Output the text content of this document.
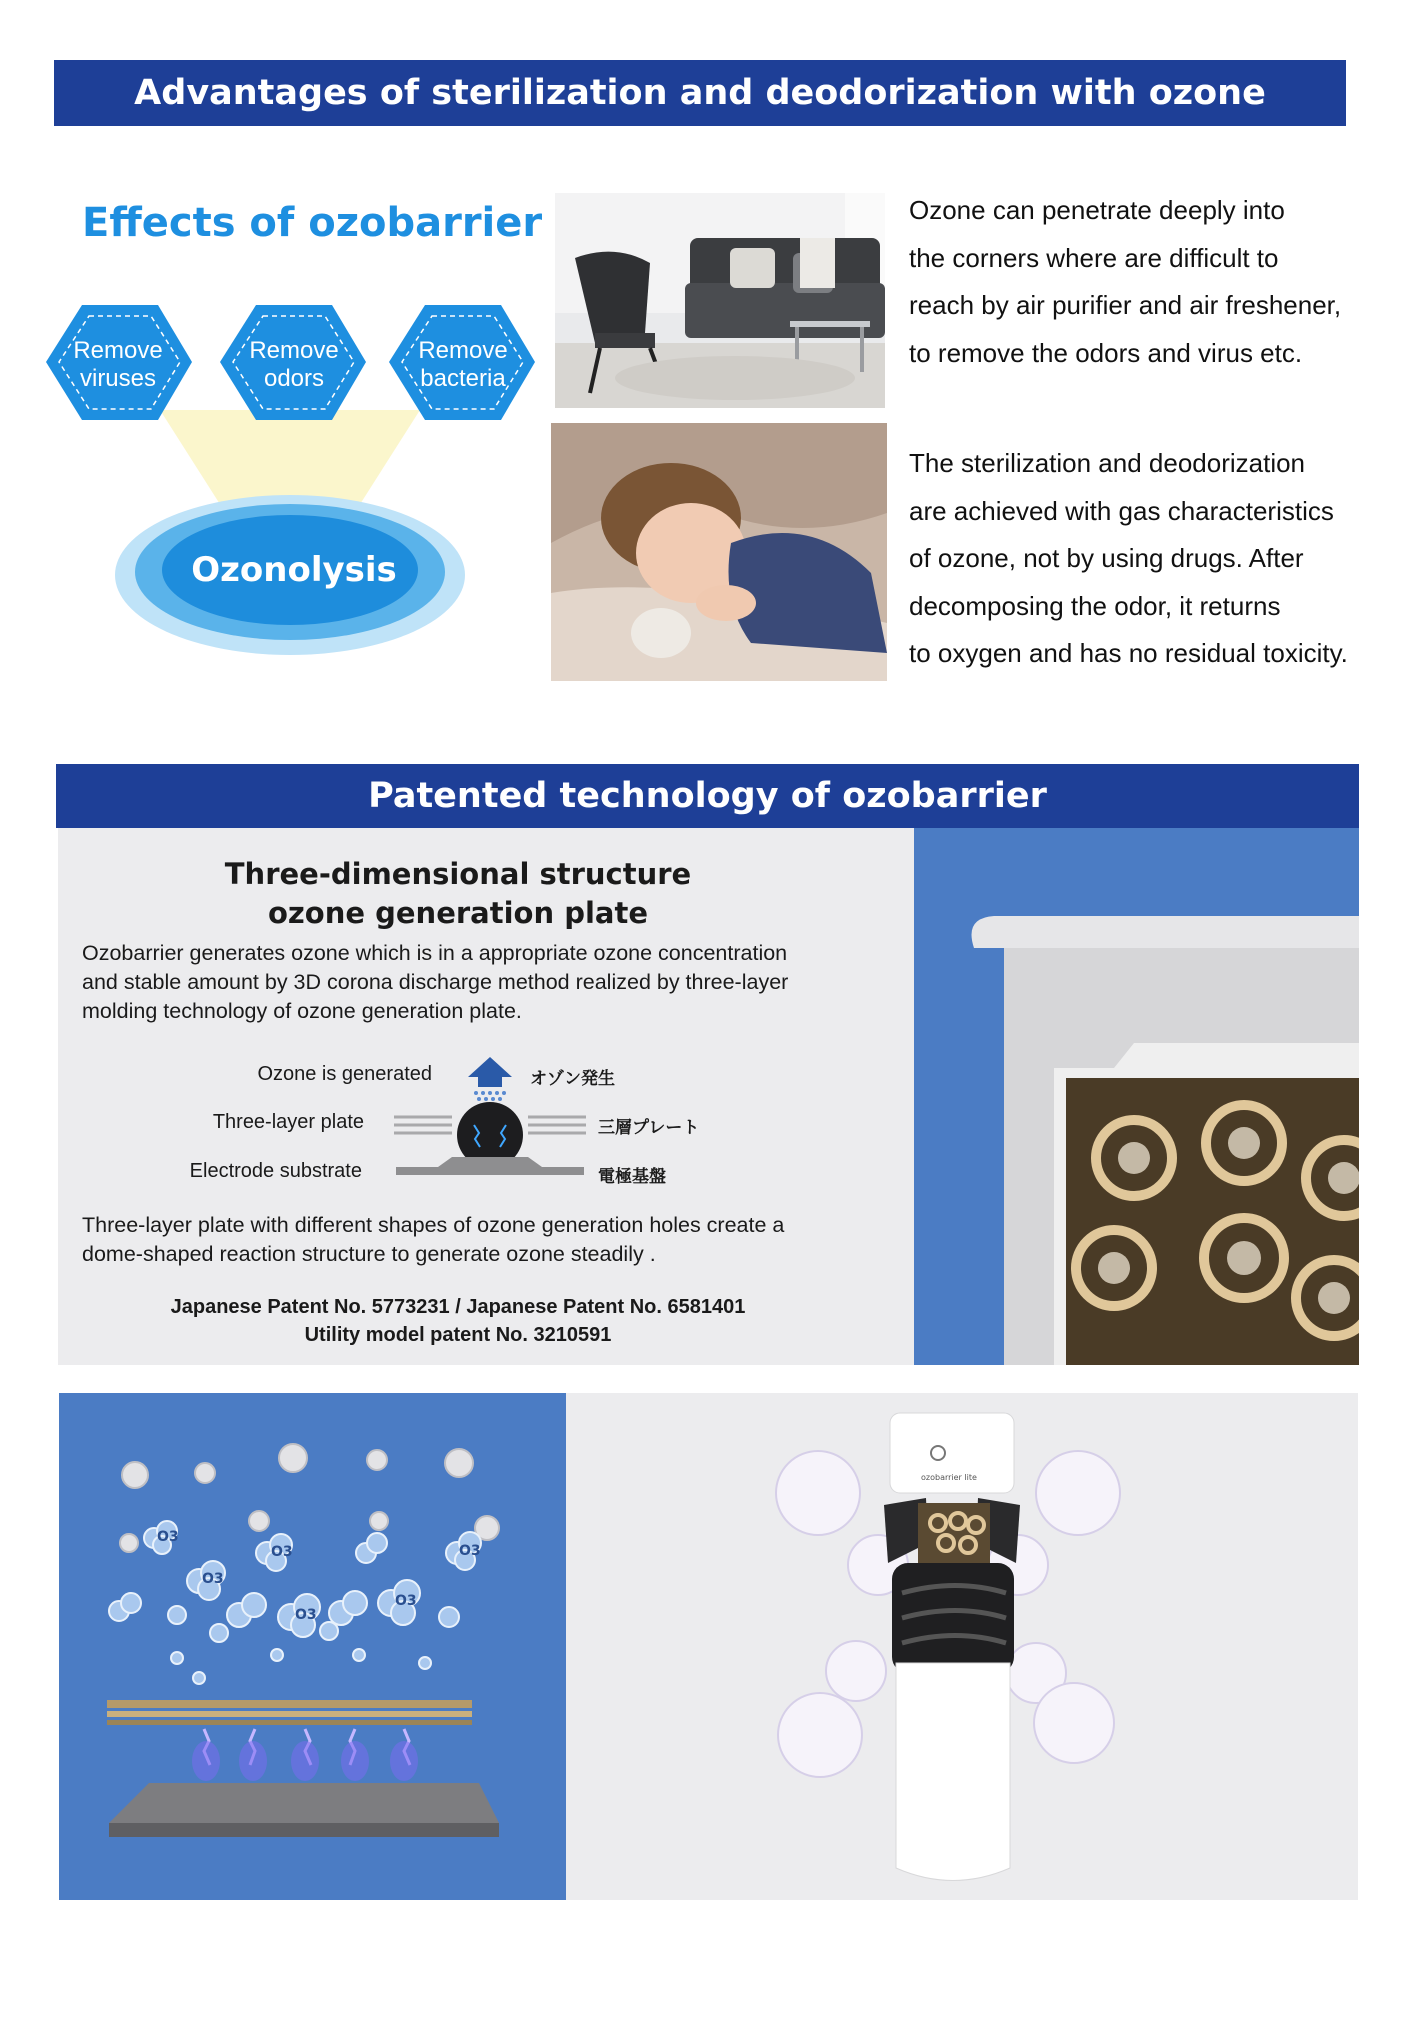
Advantages of sterilization and deodorization with ozone
Effects of ozobarrier
Remove
viruses
Remove
odors
Remove
bacteria
Ozonolysis
Ozone can penetrate deeply into
the corners where are difficult to
reach by air purifier and air freshener,
to remove the odors and virus etc.
The sterilization and deodorization
are achieved with gas characteristics
of ozone, not by using drugs. After
decomposing the odor, it returns
to oxygen and has no residual toxicity.
Patented technology of ozobarrier
Three-dimensional structure
ozone generation plate
Ozobarrier generates ozone which is in a appropriate ozone concentration
and stable amount by 3D corona discharge method realized by three-layer
molding technology of ozone generation plate.
Ozone is generated
Three-layer plate
Electrode substrate
オゾン発生
三層プレート
電極基盤
Three-layer plate with different shapes of ozone generation holes create a
dome-shaped reaction structure to generate ozone steadily .
Japanese Patent No. 5773231 / Japanese Patent No. 6581401
Utility model patent No. 3210591
O3
O3	O3
O3
O3
O3
ozobarrier lite
